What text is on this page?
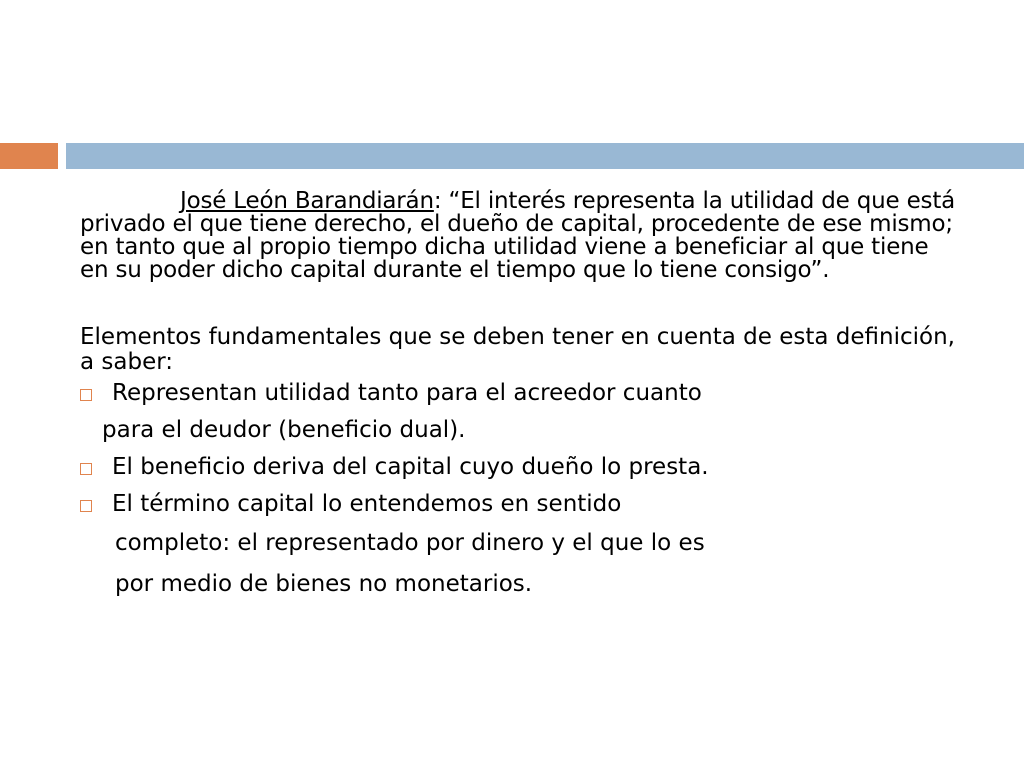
José León Barandiarán: “El interés representa la utilidad de que está privado el que tiene derecho, el dueño de capital, procedente de ese mismo; en tanto que al propio tiempo dicha utilidad viene a beneficiar al que tiene en su poder dicho capital durante el tiempo que lo tiene consigo”.

Elementos fundamentales que se deben tener en cuenta de esta definición, a saber:

Representan utilidad tanto para el acreedor cuanto
para el deudor (beneficio dual).
El beneficio deriva del capital cuyo dueño lo presta.
El término capital lo entendemos en sentido
completo: el representado por dinero y el que lo es
por medio de bienes no monetarios.
